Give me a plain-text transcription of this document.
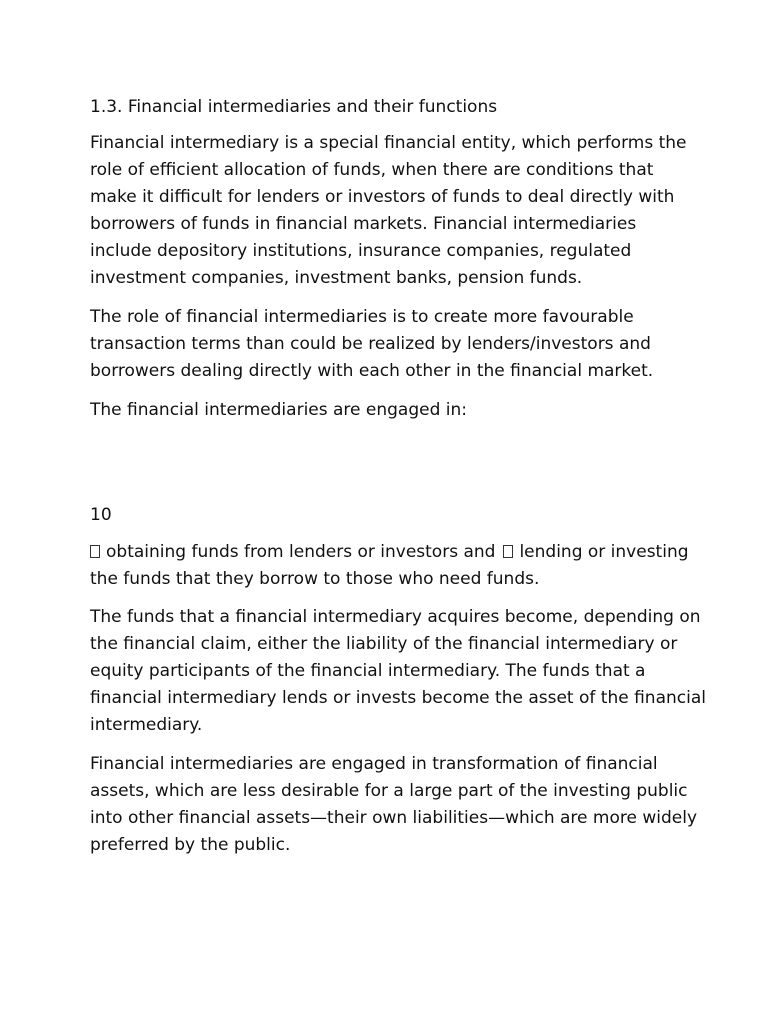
1.3. Financial intermediaries and their functions

Financial intermediary is a special financial entity, which performs the
role of efficient allocation of funds, when there are conditions that
make it difficult for lenders or investors of funds to deal directly with
borrowers of funds in financial markets. Financial intermediaries
include depository institutions, insurance companies, regulated
investment companies, investment banks, pension funds.

The role of financial intermediaries is to create more favourable
transaction terms than could be realized by lenders/investors and
borrowers dealing directly with each other in the financial market.

The financial intermediaries are engaged in:

10

obtaining funds from lenders or investors and lending or investing
the funds that they borrow to those who need funds.

The funds that a financial intermediary acquires become, depending on
the financial claim, either the liability of the financial intermediary or
equity participants of the financial intermediary. The funds that a
financial intermediary lends or invests become the asset of the financial
intermediary.

Financial intermediaries are engaged in transformation of financial
assets, which are less desirable for a large part of the investing public
into other financial assets—their own liabilities—which are more widely
preferred by the public.
